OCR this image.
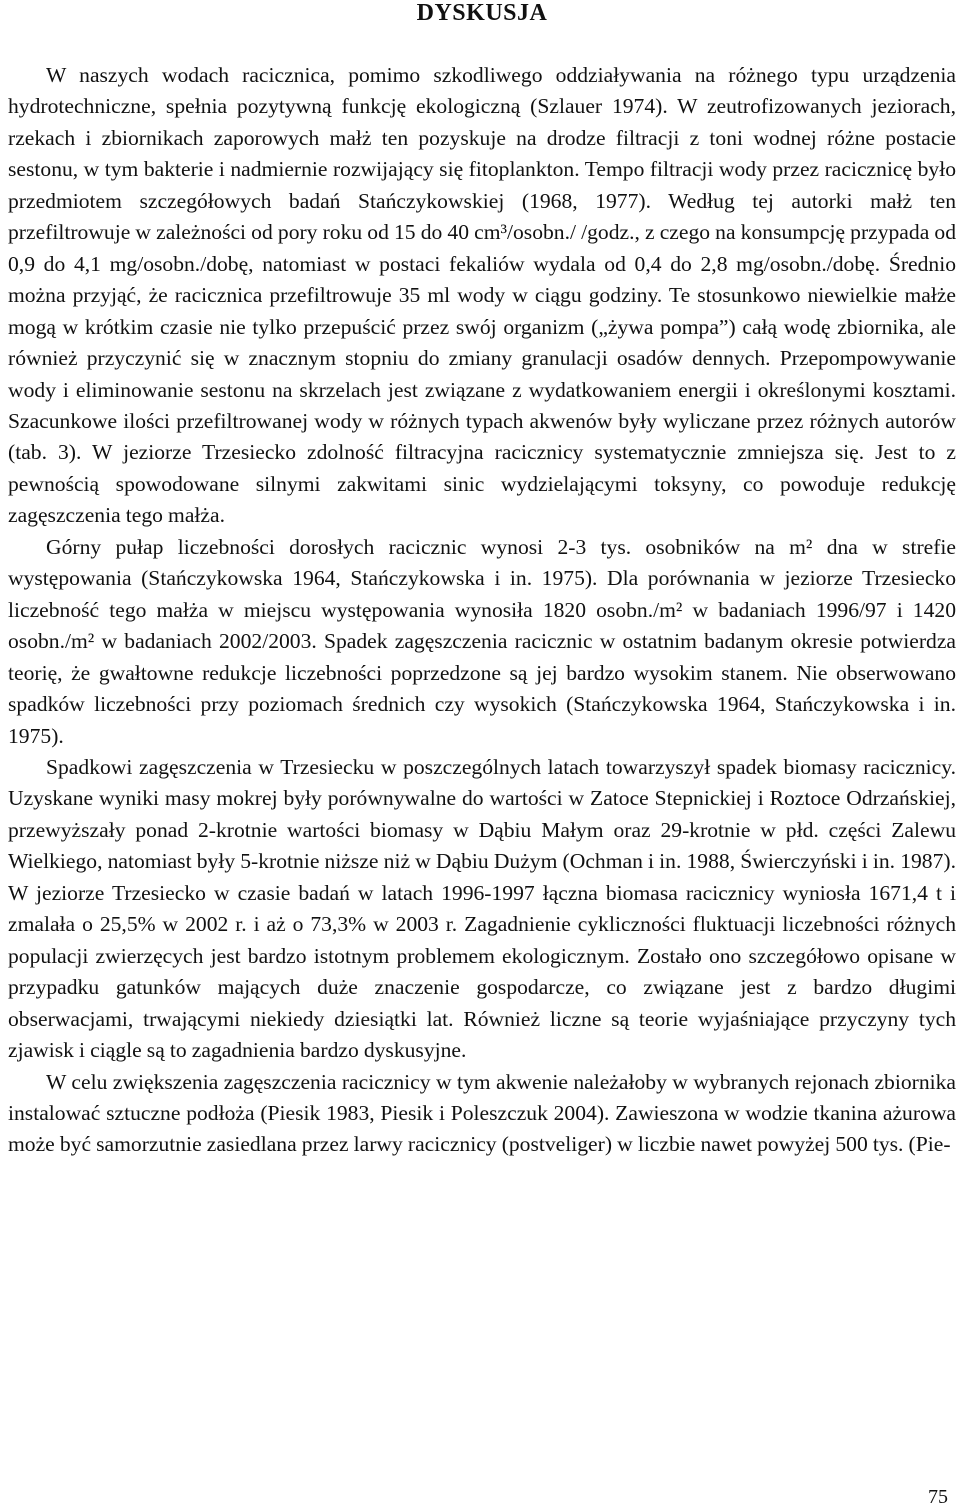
DYSKUSJA

W naszych wodach racicznica, pomimo szkodliwego oddziaływania na różnego typu urządzenia hydrotechniczne, spełnia pozytywną funkcję ekologiczną (Szlauer 1974). W zeutrofizowanych jeziorach, rzekach i zbiornikach zaporowych małż ten pozyskuje na drodze filtracji z toni wodnej różne postacie sestonu, w tym bakterie i nadmiernie rozwijający się fitoplankton. Tempo filtracji wody przez racicznicę było przedmiotem szczegółowych badań Stańczykowskiej (1968, 1977). Według tej autorki małż ten przefiltrowuje w zależności od pory roku od 15 do 40 cm³/osobn./ /godz., z czego na konsumpcję przypada od 0,9 do 4,1 mg/osobn./dobę, natomiast w postaci fekaliów wydala od 0,4 do 2,8 mg/osobn./dobę. Średnio można przyjąć, że racicznica przefiltrowuje 35 ml wody w ciągu godziny. Te stosunkowo niewielkie małże mogą w krótkim czasie nie tylko przepuścić przez swój organizm („żywa pompa”) całą wodę zbiornika, ale również przyczynić się w znacznym stopniu do zmiany granulacji osadów dennych. Przepompowywanie wody i eliminowanie sestonu na skrzelach jest związane z wydatkowaniem energii i określonymi kosztami. Szacunkowe ilości przefiltrowanej wody w różnych typach akwenów były wyliczane przez różnych autorów (tab. 3). W jeziorze Trzesiecko zdolność filtracyjna racicznicy systematycznie zmniejsza się. Jest to z pewnością spowodowane silnymi zakwitami sinic wydzielającymi toksyny, co powoduje redukcję zagęszczenia tego małża.

Górny pułap liczebności dorosłych racicznic wynosi 2-3 tys. osobników na m² dna w strefie występowania (Stańczykowska 1964, Stańczykowska i in. 1975). Dla porównania w jeziorze Trzesiecko liczebność tego małża w miejscu występowania wynosiła 1820 osobn./m² w badaniach 1996/97 i 1420 osobn./m² w badaniach 2002/2003. Spadek zagęszczenia racicznic w ostatnim badanym okresie potwierdza teorię, że gwałtowne redukcje liczebności poprzedzone są jej bardzo wysokim stanem. Nie obserwowano spadków liczebności przy poziomach średnich czy wysokich (Stańczykowska 1964, Stańczykowska i in. 1975).

Spadkowi zagęszczenia w Trzesiecku w poszczególnych latach towarzyszył spadek biomasy racicznicy. Uzyskane wyniki masy mokrej były porównywalne do wartości w Zatoce Stepnickiej i Roztoce Odrzańskiej, przewyższały ponad 2-krotnie wartości biomasy w Dąbiu Małym oraz 29-krotnie w płd. części Zalewu Wielkiego, natomiast były 5-krotnie niższe niż w Dąbiu Dużym (Ochman i in. 1988, Świerczyński i in. 1987). W jeziorze Trzesiecko w czasie badań w latach 1996-1997 łączna biomasa racicznicy wyniosła 1671,4 t i zmalała o 25,5% w 2002 r. i aż o 73,3% w 2003 r. Zagadnienie cykliczności fluktuacji liczebności różnych populacji zwierzęcych jest bardzo istotnym problemem ekologicznym. Zostało ono szczegółowo opisane w przypadku gatunków mających duże znaczenie gospodarcze, co związane jest z bardzo długimi obserwacjami, trwającymi niekiedy dziesiątki lat. Również liczne są teorie wyjaśniające przyczyny tych zjawisk i ciągle są to zagadnienia bardzo dyskusyjne.

W celu zwiększenia zagęszczenia racicznicy w tym akwenie należałoby w wybranych rejonach zbiornika instalować sztuczne podłoża (Piesik 1983, Piesik i Poleszczuk 2004). Zawieszona w wodzie tkanina ażurowa może być samorzutnie zasiedlana przez larwy racicznicy (postveliger) w liczbie nawet powyżej 500 tys. (Pie-

75
